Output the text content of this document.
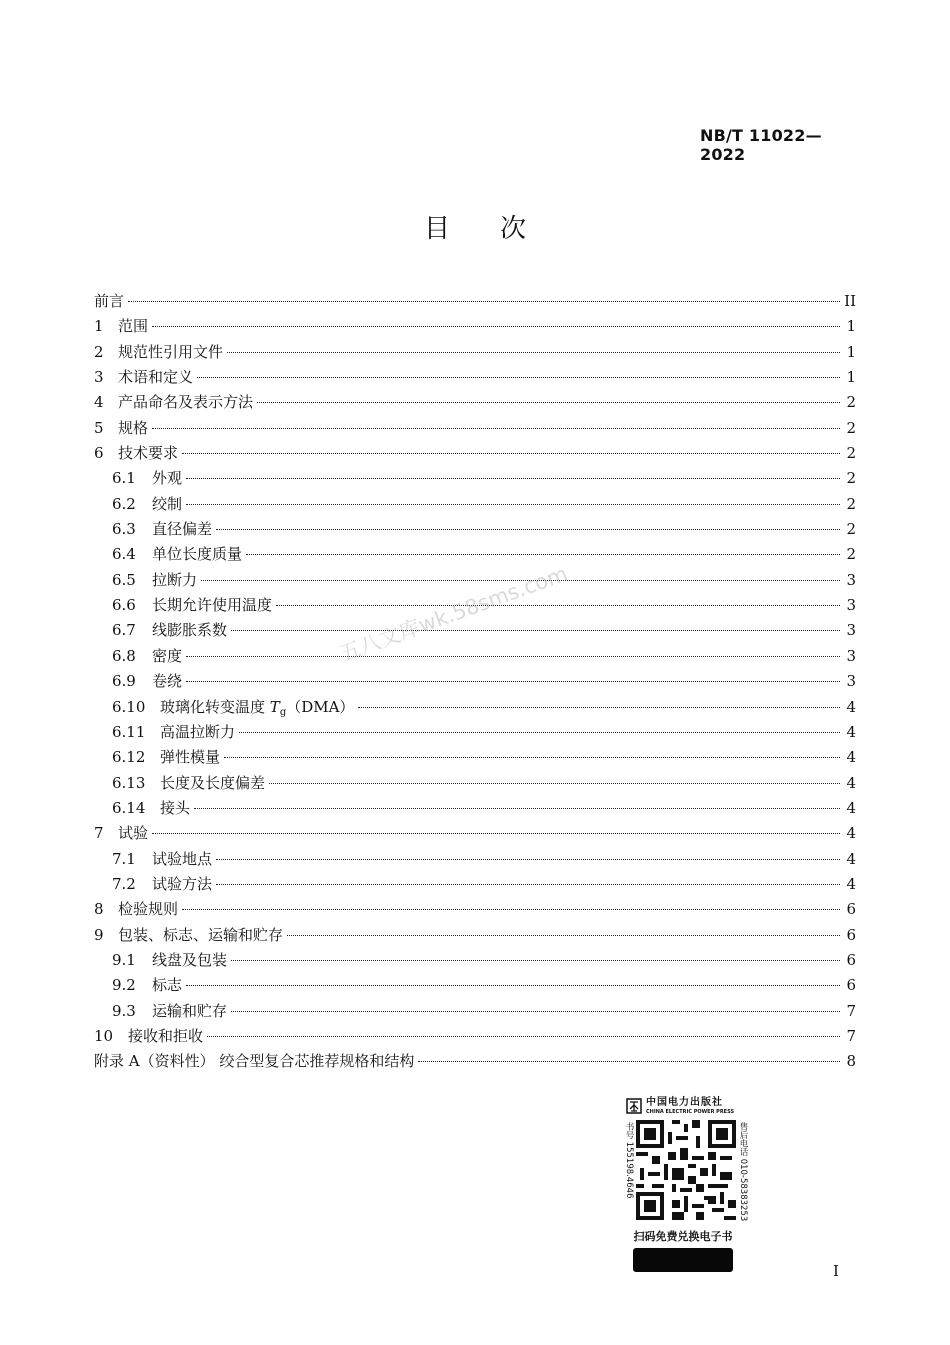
NB/T 11022—2022
目次
前言	II
1 范围	1
2 规范性引用文件	1
3 术语和定义	1
4 产品命名及表示方法	2
5 规格	2
6 技术要求	2
6.1	外观	2
6.2	绞制	2
6.3	直径偏差	2
6.4	单位长度质量	2
6.5	拉断力	3
6.6	长期允许使用温度	3
6.7	线膨胀系数	3
6.8	密度	3
6.9	卷绕	3
6.10 玻璃化转变温度 $T_g(DMA)$	4
6.11 高温拉断力	4
6.12 弹性模量	4
6.13 长度及长度偏差	4
6.14 接头	4
7 试验	4
7.1	试验地点	4
7.2	试验方法	4
8 检验规则	6
9 包装、标志、运输和贮存	6
9.1	线盘及包装	6
9.2	标志	6
9.3	运输和贮存	7
10 接收和拒收	7
附录 A（资料性） 绞合型复合芯推荐规格和结构	8
五八文库wk.58sms.com
中国电力出版社
CHINA ELECTRIC POWER PRESS
书号 155198.4646	售后电话 010-58383253
扫码免费兑换电子书
I
